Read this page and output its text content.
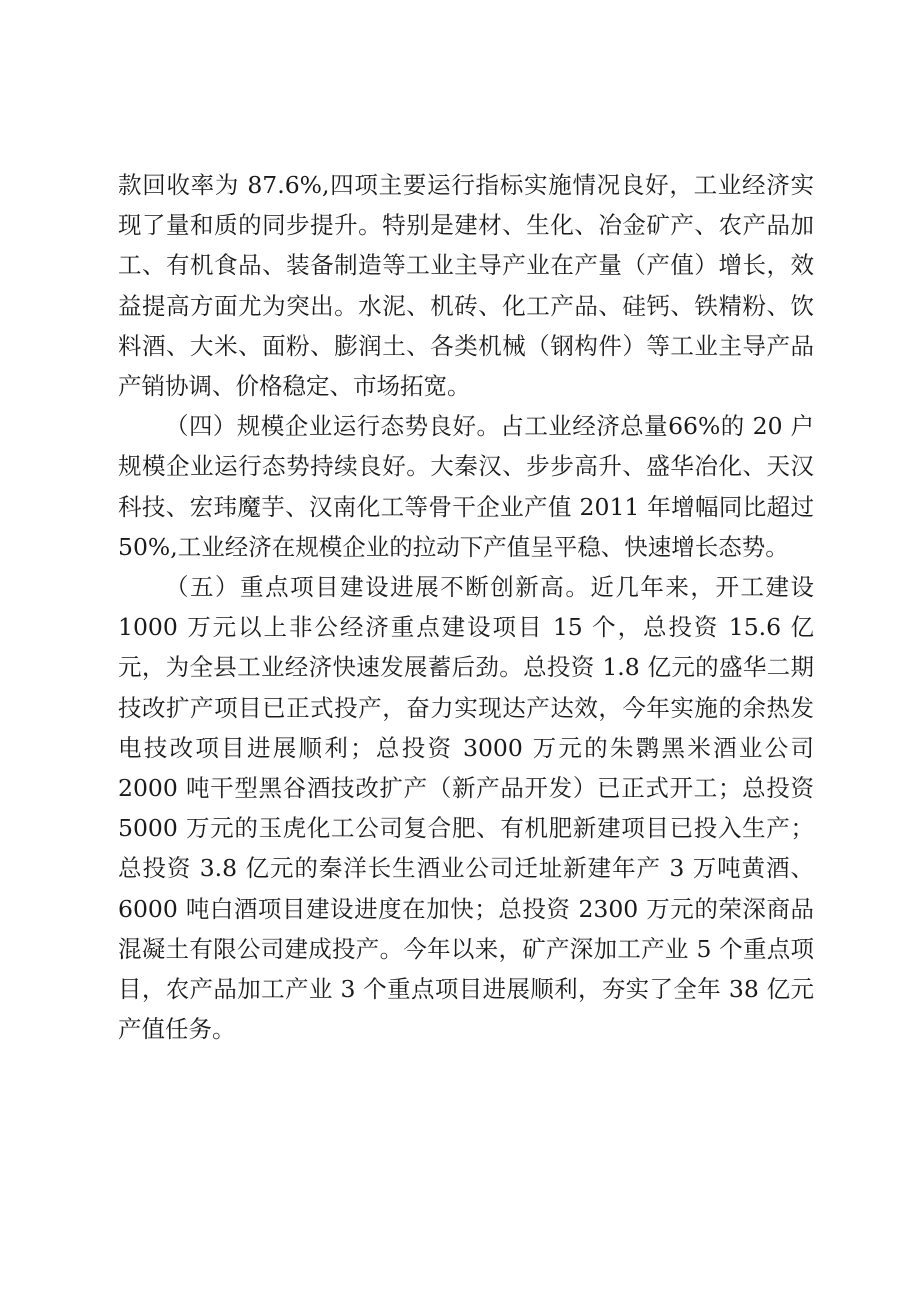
款回收率为 87.6%,四项主要运行指标实施情况良好，工业经济实现了量和质的同步提升。特别是建材、生化、冶金矿产、农产品加工、有机食品、装备制造等工业主导产业在产量（产值）增长，效益提高方面尤为突出。水泥、机砖、化工产品、硅钙、铁精粉、饮料酒、大米、面粉、膨润土、各类机械（钢构件）等工业主导产品产销协调、价格稳定、市场拓宽。

（四）规模企业运行态势良好。占工业经济总量66%的 20 户规模企业运行态势持续良好。大秦汉、步步高升、盛华冶化、天汉科技、宏玮魔芋、汉南化工等骨干企业产值 2011 年增幅同比超过 50%,工业经济在规模企业的拉动下产值呈平稳、快速增长态势。

（五）重点项目建设进展不断创新高。近几年来，开工建设 1000 万元以上非公经济重点建设项目 15 个，总投资 15.6 亿元，为全县工业经济快速发展蓄后劲。总投资 1.8 亿元的盛华二期技改扩产项目已正式投产，奋力实现达产达效，今年实施的余热发电技改项目进展顺利；总投资 3000 万元的朱鹮黑米酒业公司 2000 吨干型黑谷酒技改扩产（新产品开发）已正式开工；总投资 5000 万元的玉虎化工公司复合肥、有机肥新建项目已投入生产；总投资 3.8 亿元的秦洋长生酒业公司迁址新建年产 3 万吨黄酒、6000 吨白酒项目建设进度在加快；总投资 2300 万元的荣深商品混凝土有限公司建成投产。今年以来，矿产深加工产业 5 个重点项目，农产品加工产业 3 个重点项目进展顺利，夯实了全年 38 亿元产值任务。
